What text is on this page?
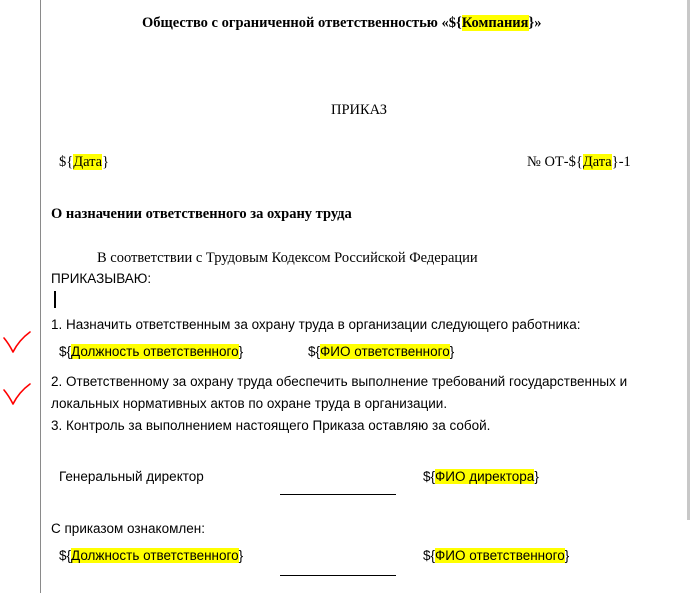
Общество с ограниченной ответственностью «${Компания}»
ПРИКАЗ
${Дата}	№ ОТ-${Дата}-1
О назначении ответственного за охрану труда
В соответствии с Трудовым Кодексом Российской Федерации
ПРИКАЗЫВАЮ:
1. Назначить ответственным за охрану труда в организации следующего работника:
${Должность ответственного}	${ФИО ответственного}
2. Ответственному за охрану труда обеспечить выполнение требований государственных и
локальных нормативных актов по охране труда в организации.
3. Контроль за выполнением настоящего Приказа оставляю за собой.
Генеральный директор	${ФИО директора}
С приказом ознакомлен:
${Должность ответственного}	${ФИО ответственного}
